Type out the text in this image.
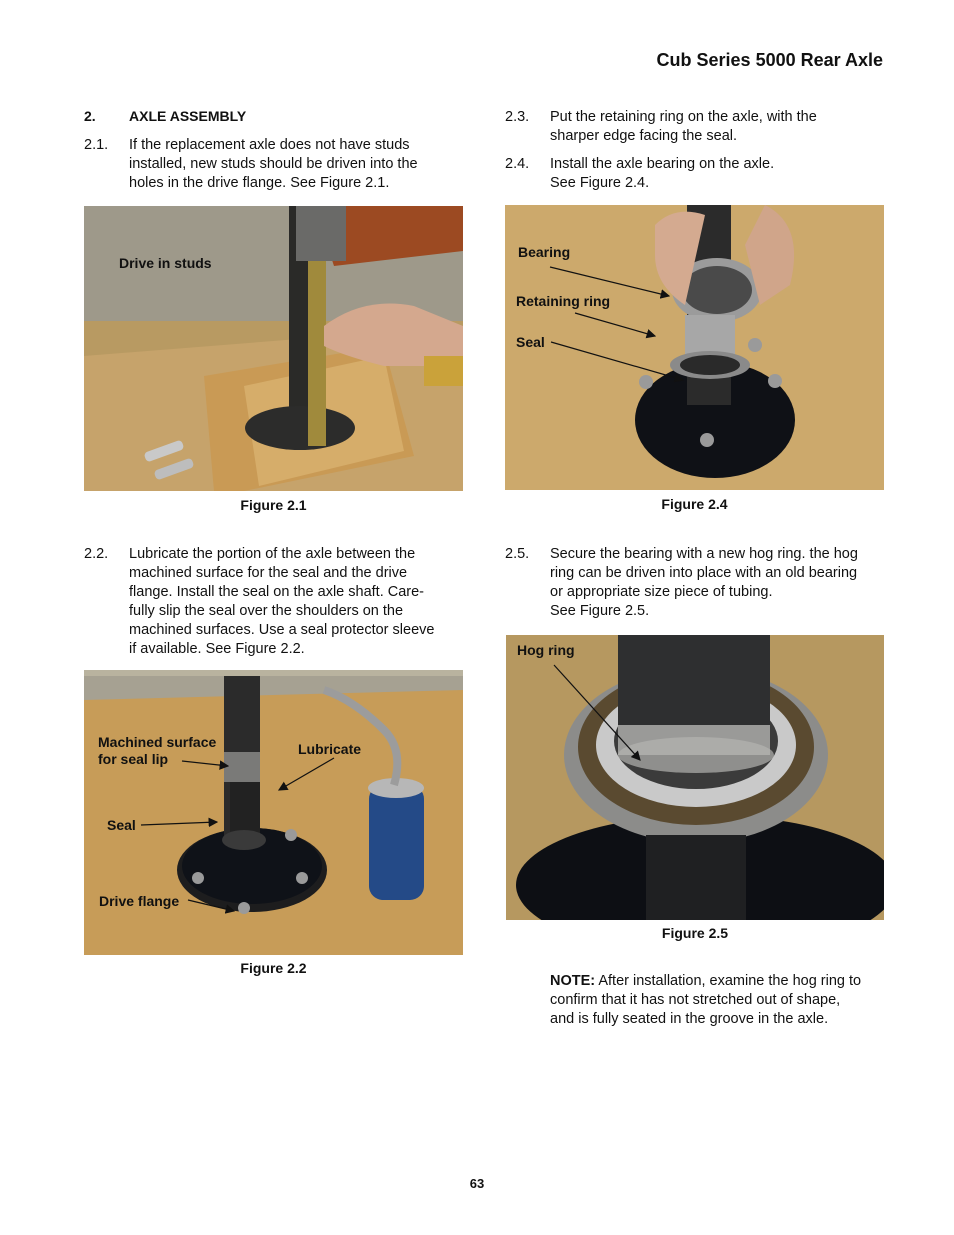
Cub Series 5000 Rear Axle
2. AXLE ASSEMBLY
2.1. If the replacement axle does not have studs
installed, new studs should be driven into the
holes in the drive flange. See Figure 2.1.
Drive in studs
Figure 2.1
2.2. Lubricate the portion of the axle between the
machined surface for the seal and the drive
flange. Install the seal on the axle shaft. Care-
fully slip the seal over the shoulders on the
machined surfaces. Use a seal protector sleeve
if available. See Figure 2.2.
Machined surface
for seal lip
Lubricate
Seal
Drive flange
Figure 2.2
2.3. Put the retaining ring on the axle, with the
sharper edge facing the seal.
2.4. Install the axle bearing on the axle.
See Figure 2.4.
Bearing
Retaining ring
Seal
Figure 2.4
2.5. Secure the bearing with a new hog ring. the hog
ring can be driven into place with an old bearing
or appropriate size piece of tubing.
See Figure 2.5.
Hog ring
Figure 2.5
NOTE: After installation, examine the hog ring to
confirm that it has not stretched out of shape,
and is fully seated in the groove in the axle.
63
